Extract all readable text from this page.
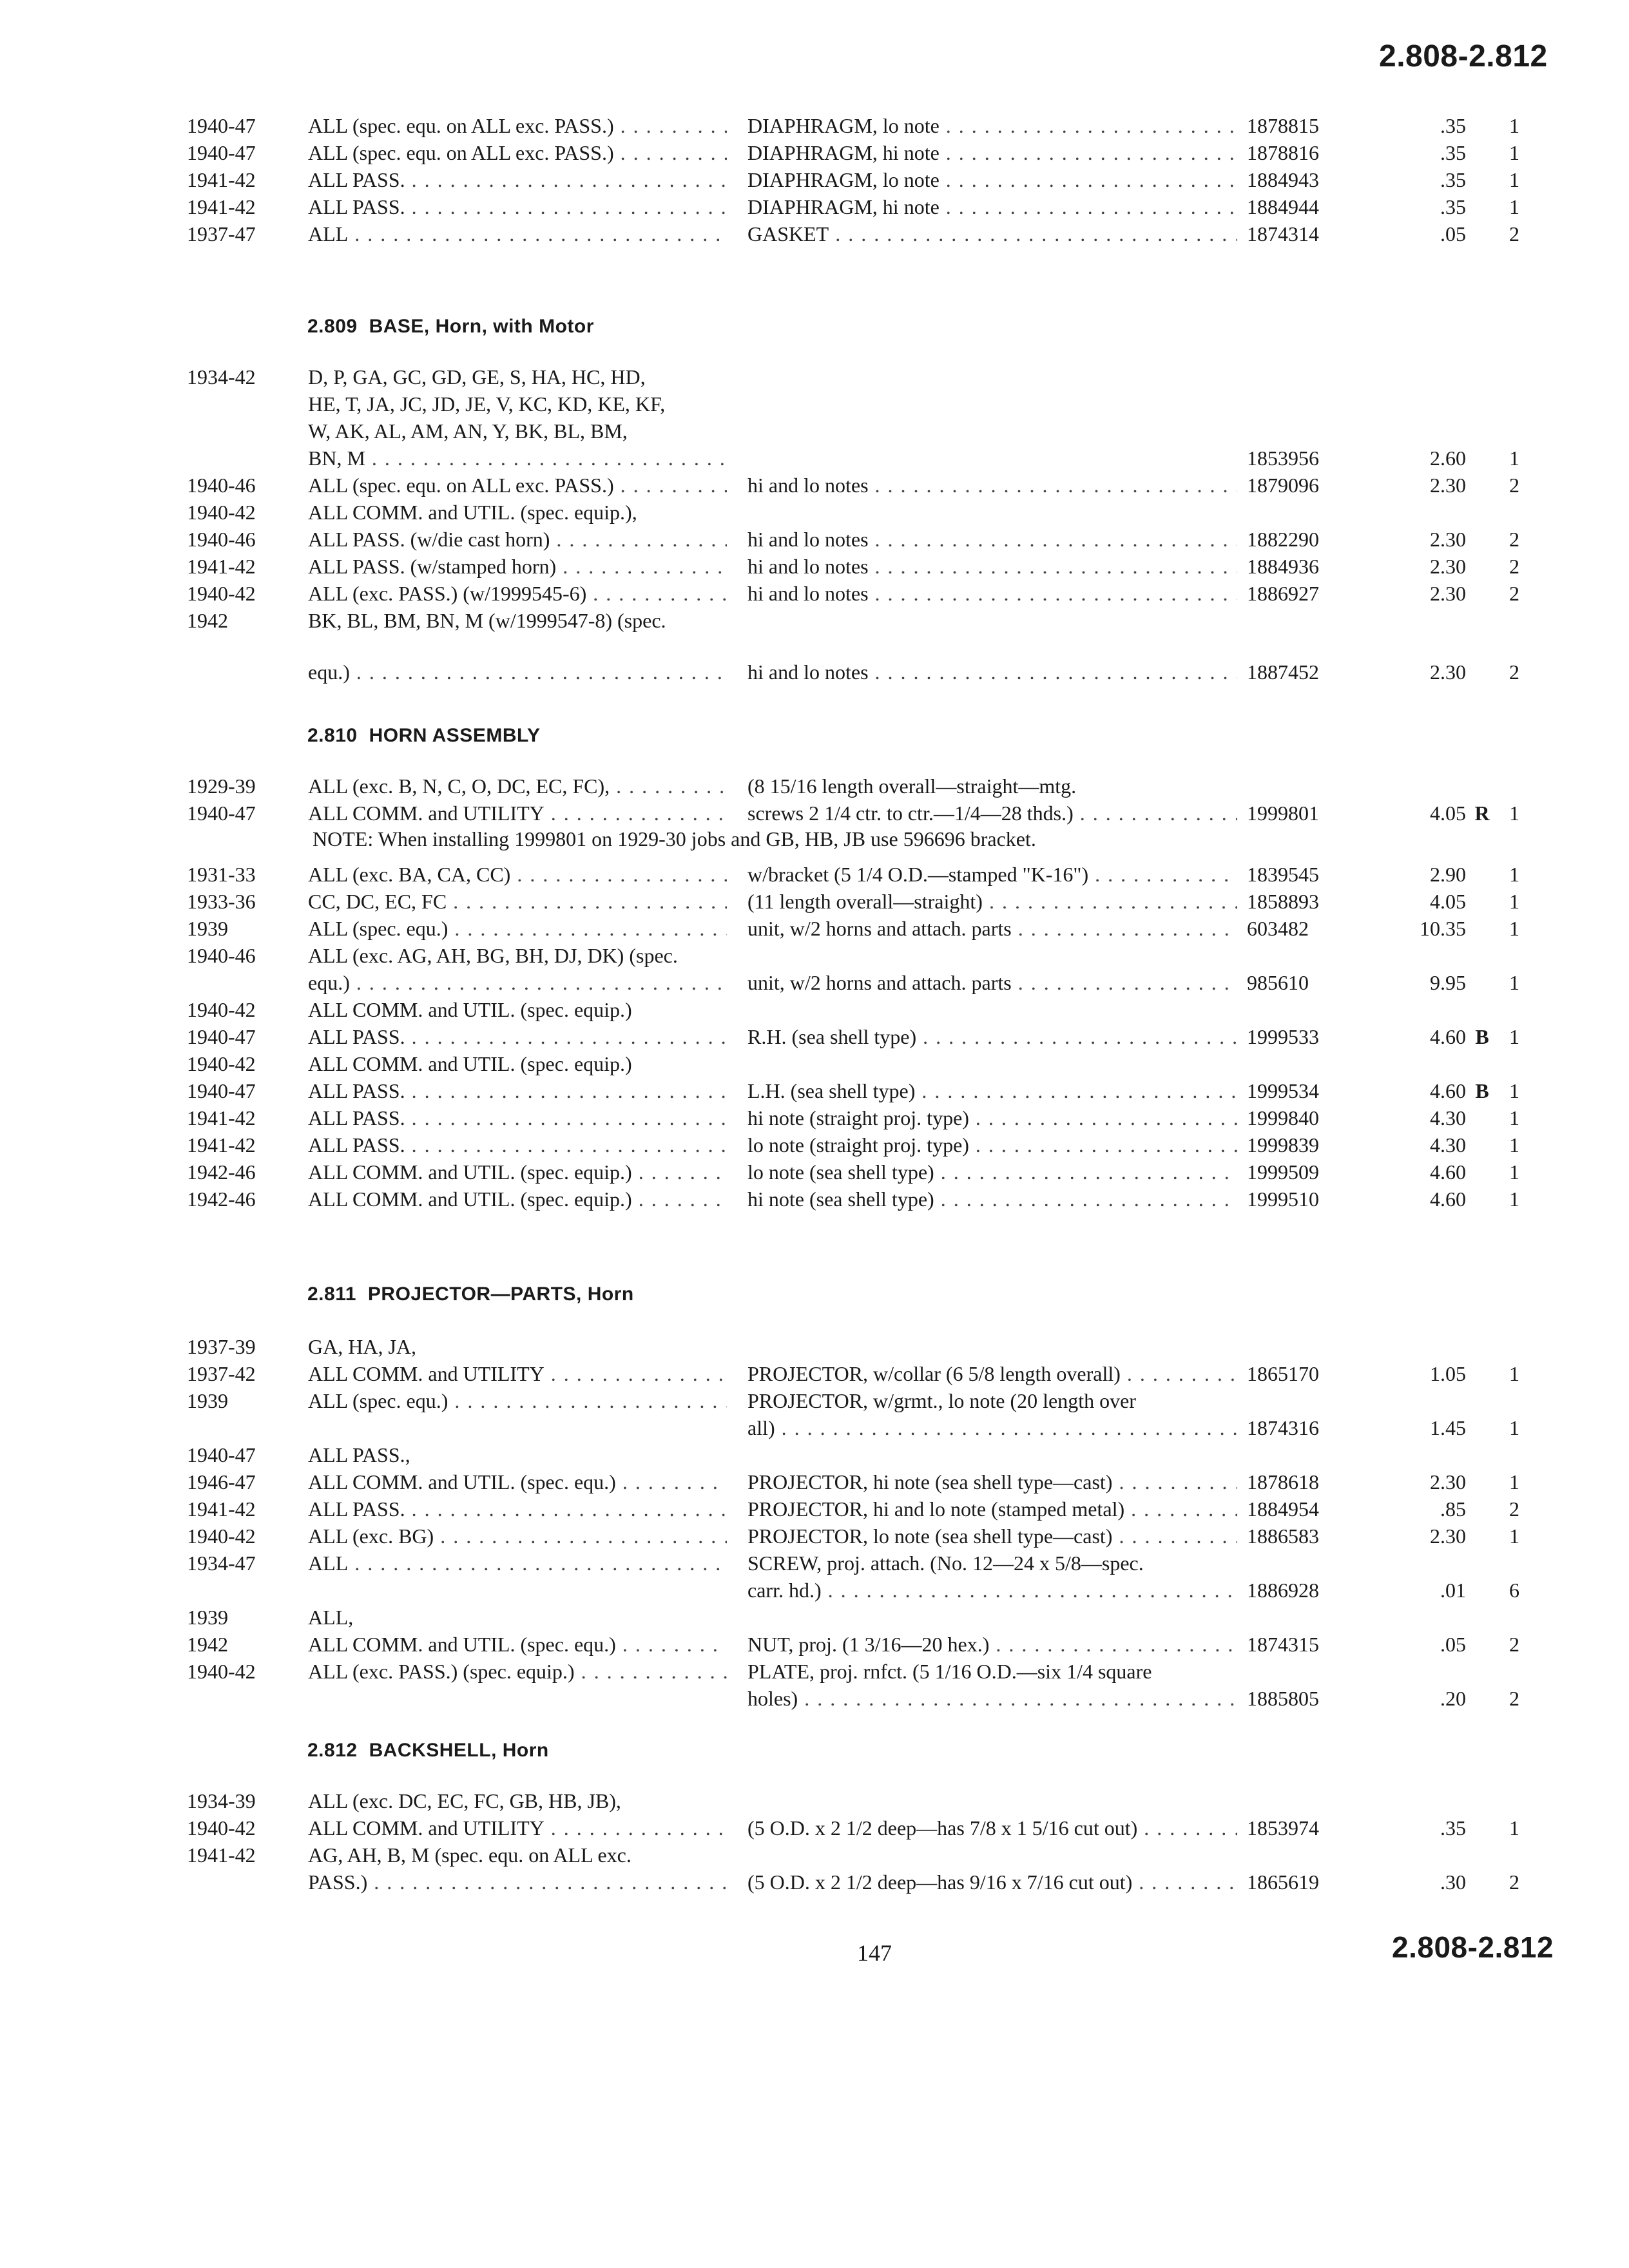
2.808-2.812
1940-47	ALL (spec. equ. on ALL exc. PASS.) . . .	DIAPHRAGM, lo note . . .	1878815	.35	1
1940-47	ALL (spec. equ. on ALL exc. PASS.) . . .	DIAPHRAGM, hi note . . .	1878816	.35	1
1941-42	ALL PASS. . . .	DIAPHRAGM, lo note . . .	1884943	.35	1
1941-42	ALL PASS. . . .	DIAPHRAGM, hi note . . .	1884944	.35	1
1937-47	ALL . . .	GASKET . . .	1874314	.05	2
2.809 BASE, Horn, with Motor
1934-42	D, P, GA, GC, GD, GE, S, HA, HC, HD,
HE, T, JA, JC, JD, JE, V, KC, KD, KE, KF,
W, AK, AL, AM, AN, Y, BK, BL, BM,
BN, M . . .	1853956	2.60	1
1940-46	ALL (spec. equ. on ALL exc. PASS.) . . .	hi and lo notes . . .	1879096	2.30	2
1940-42	ALL COMM. and UTIL. (spec. equip.),
1940-46	ALL PASS. (w/die cast horn) . . .	hi and lo notes . . .	1882290	2.30	2
1941-42	ALL PASS. (w/stamped horn) . . .	hi and lo notes . . .	1884936	2.30	2
1940-42	ALL (exc. PASS.) (w/1999545-6) . . .	hi and lo notes . . .	1886927	2.30	2
1942	BK, BL, BM, BN, M (w/1999547-8) (spec.
equ.) . . .	hi and lo notes . . .	1887452	2.30	2
2.810 HORN ASSEMBLY
1929-39	ALL (exc. B, N, C, O, DC, EC, FC), . . .	(8 15/16 length overall—straight—mtg.
1940-47	ALL COMM. and UTILITY . . .	screws 2 1/4 ctr. to ctr.—1/4—28 thds.) . . .	1999801	4.05 R 1
NOTE: When installing 1999801 on 1929-30 jobs and GB, HB, JB use 596696 bracket.
1931-33	ALL (exc. BA, CA, CC) . . .	w/bracket (5 1/4 O.D.—stamped "K-16") . . .	1839545	2.90	1
1933-36	CC, DC, EC, FC . . .	(11 length overall—straight) . . .	1858893	4.05	1
1939	ALL (spec. equ.) . . .	unit, w/2 horns and attach. parts . . .	603482	10.35	1
1940-46	ALL (exc. AG, AH, BG, BH, DJ, DK) (spec.
equ.) . . .	unit, w/2 horns and attach. parts . . .	985610	9.95	1
1940-42	ALL COMM. and UTIL. (spec. equip.)
1940-47	ALL PASS. . . .	R.H. (sea shell type) . . .	1999533	4.60 B 1
1940-42	ALL COMM. and UTIL. (spec. equip.)
1940-47	ALL PASS. . . .	L.H. (sea shell type) . . .	1999534	4.60 B 1
1941-42	ALL PASS. . . .	hi note (straight proj. type) . . .	1999840	4.30	1
1941-42	ALL PASS. . . .	lo note (straight proj. type) . . .	1999839	4.30	1
1942-46	ALL COMM. and UTIL. (spec. equip.) . . .	lo note (sea shell type) . . .	1999509	4.60	1
1942-46	ALL COMM. and UTIL. (spec. equip.) . . .	hi note (sea shell type) . . .	1999510	4.60	1
2.811 PROJECTOR—PARTS, Horn
1937-39	GA, HA, JA,
1937-42	ALL COMM. and UTILITY . . .	PROJECTOR, w/collar (6 5/8 length overall) . . .	1865170	1.05	1
1939	ALL (spec. equ.) . . .	PROJECTOR, w/grmt., lo note (20 length over
all) . . .	1874316	1.45	1
1940-47	ALL PASS.,
1946-47	ALL COMM. and UTIL. (spec. equ.) . . .	PROJECTOR, hi note (sea shell type—cast) . . .	1878618	2.30	1
1941-42	ALL PASS. . . .	PROJECTOR, hi and lo note (stamped metal) . . .	1884954	.85	2
1940-42	ALL (exc. BG) . . .	PROJECTOR, lo note (sea shell type—cast) . . .	1886583	2.30	1
1934-47	ALL . . .	SCREW, proj. attach. (No. 12—24 x 5/8—spec.
carr. hd.) . . .	1886928	.01	6
1939	ALL,
1942	ALL COMM. and UTIL. (spec. equ.) . . .	NUT, proj. (1 3/16—20 hex.) . . .	1874315	.05	2
1940-42	ALL (exc. PASS.) (spec. equip.) . . .	PLATE, proj. rnfct. (5 1/16 O.D.—six 1/4 square
holes) . . .	1885805	.20	2
2.812 BACKSHELL, Horn
1934-39	ALL (exc. DC, EC, FC, GB, HB, JB),
1940-42	ALL COMM. and UTILITY . . .	(5 O.D. x 2 1/2 deep—has 7/8 x 1 5/16 cut out) . . .	1853974	.35	1
1941-42	AG, AH, B, M (spec. equ. on ALL exc.
PASS.) . . .	(5 O.D. x 2 1/2 deep—has 9/16 x 7/16 cut out) . . .	1865619	.30	2
147	2.808-2.812
